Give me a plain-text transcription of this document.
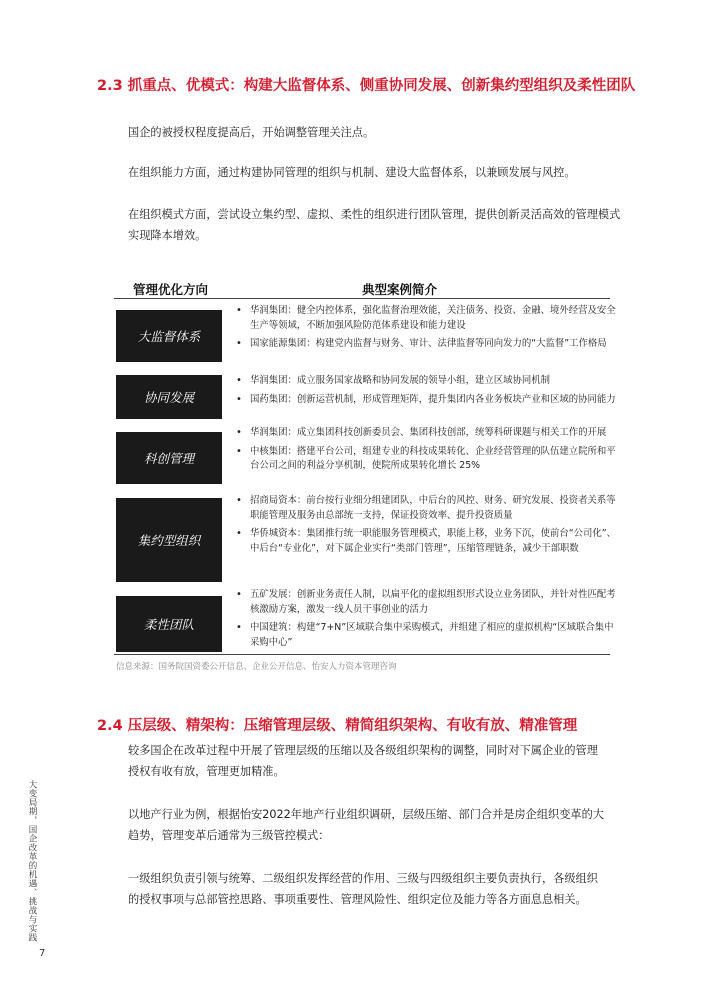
2.3 抓重点、优模式：构建大监督体系、侧重协同发展、创新集约型组织及柔性团队
国企的被授权程度提高后，开始调整管理关注点。
在组织能力方面，通过构建协同管理的组织与机制、建设大监督体系，以兼顾发展与风控。
在组织模式方面，尝试设立集约型、虚拟、柔性的组织进行团队管理，提供创新灵活高效的管理模式实现降本增效。
管理优化方向	典型案例简介
大监督体系
协同发展
科创管理
集约型组织
柔性团队
• 华润集团：健全内控体系，强化监督治理效能，关注债务、投资、金融、境外经营及安全生产等领域，不断加强风险防范体系建设和能力建设
• 国家能源集团：构建党内监督与财务、审计、法律监督等同向发力的“大监督”工作格局
• 华润集团：成立服务国家战略和协同发展的领导小组，建立区域协同机制
• 国药集团：创新运营机制，形成管理矩阵，提升集团内各业务板块产业和区域的协同能力
• 华润集团：成立集团科技创新委员会、集团科技创部，统筹科研课题与相关工作的开展
• 中核集团：搭建平台公司，组建专业的科技成果转化、企业经营管理的队伍建立院所和平台公司之间的利益分享机制，使院所成果转化增长 25%
• 招商局资本：前台按行业细分组建团队，中后台的风控、财务、研究发展、投资者关系等职能管理及服务由总部统一支持，保证投资效率、提升投资质量
• 华侨城资本：集团推行统一职能服务管理模式，职能上移，业务下沉，使前台“公司化”、中后台“专业化”，对下属企业实行“类部门管理”，压缩管理链条，减少干部职数
• 五矿发展：创新业务责任人制，以扁平化的虚拟组织形式设立业务团队，并针对性匹配考核激励方案，激发一线人员干事创业的活力
• 中国建筑：构建“7+N”区域联合集中采购模式，并组建了相应的虚拟机构“区域联合集中采购中心”
信息来源：国务院国资委公开信息、企业公开信息、怡安人力资本管理咨询
2.4 压层级、精架构：压缩管理层级、精简组织架构、有收有放、精准管理
较多国企在改革过程中开展了管理层级的压缩以及各级组织架构的调整，同时对下属企业的管理授权有收有放，管理更加精准。
以地产行业为例，根据怡安2022年地产行业组织调研，层级压缩、部门合并是房企组织变革的大趋势，管理变革后通常为三级管控模式：
一级组织负责引领与统筹、二级组织发挥经营的作用、三级与四级组织主要负责执行，各级组织的授权事项与总部管控思路、事项重要性、管理风险性、组织定位及能力等各方面息息相关。
大变局期，国企改革的机遇、挑战与实践
7
